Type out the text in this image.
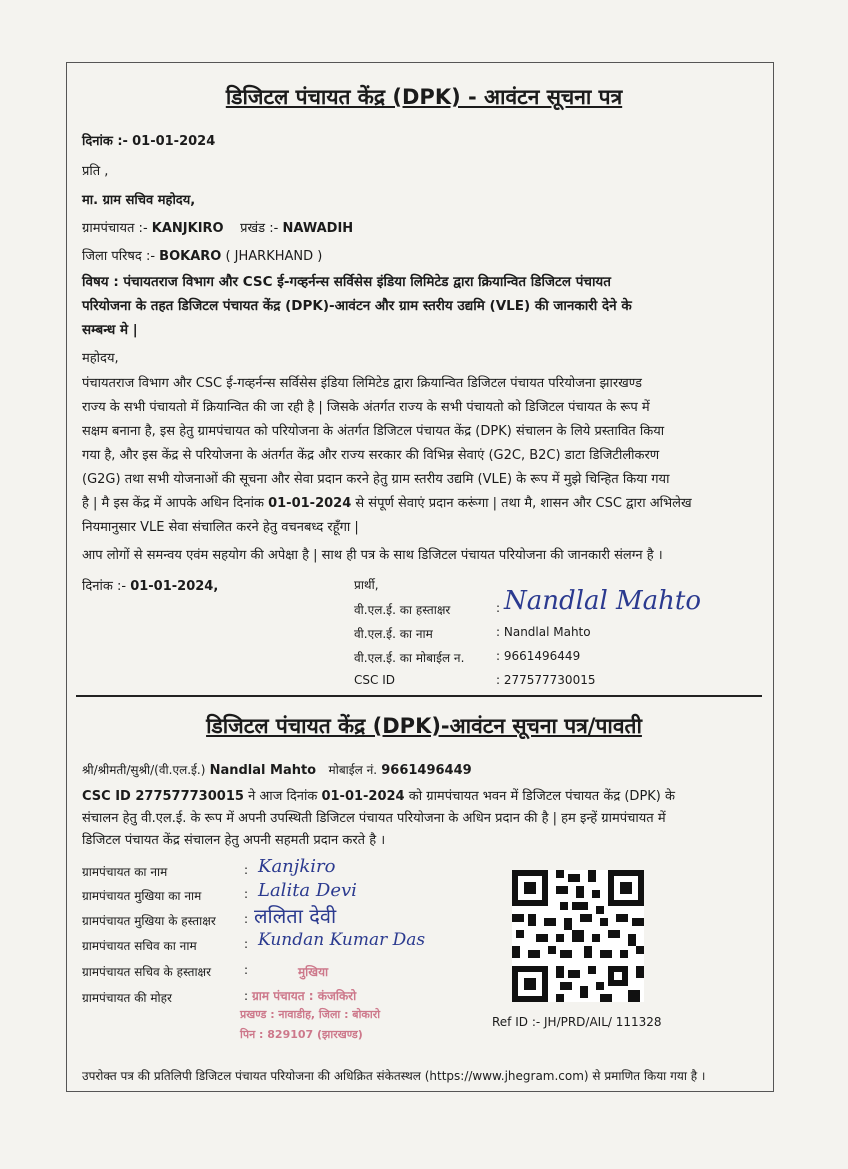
डिजिटल पंचायत केंद्र (DPK) - आवंटन सूचना पत्र
दिनांक :- 01-01-2024
प्रति ,
मा. ग्राम सचिव महोदय,
ग्रामपंचायत :- KANJKIRO प्रखंड :- NAWADIH
जिला परिषद :- BOKARO ( JHARKHAND )
विषय : पंचायतराज विभाग और CSC ई-गव्हर्नन्स सर्विसेस इंडिया लिमिटेड द्वारा क्रियान्वित डिजिटल पंचायत
परियोजना के तहत डिजिटल पंचायत केंद्र (DPK)-आवंटन और ग्राम स्तरीय उद्यमि (VLE) की जानकारी देने के
सम्बन्ध मे |
महोदय,
पंचायतराज विभाग और CSC ई-गव्हर्नन्स सर्विसेस इंडिया लिमिटेड द्वारा क्रियान्वित डिजिटल पंचायत परियोजना झारखण्ड
राज्य के सभी पंचायतो में क्रियान्वित की जा रही है | जिसके अंतर्गत राज्य के सभी पंचायतो को डिजिटल पंचायत के रूप में
सक्षम बनाना है, इस हेतु ग्रामपंचायत को परियोजना के अंतर्गत डिजिटल पंचायत केंद्र (DPK) संचालन के लिये प्रस्तावित किया
गया है, और इस केंद्र से परियोजना के अंतर्गत केंद्र और राज्य सरकार की विभिन्न सेवाएं (G2C, B2C) डाटा डिजिटीलीकरण
(G2G) तथा सभी योजनाओं की सूचना और सेवा प्रदान करने हेतु ग्राम स्तरीय उद्यमि (VLE) के रूप में मुझे चिन्हित किया गया
है | मै इस केंद्र में आपके अधिन दिनांक 01-01-2024 से संपूर्ण सेवाएं प्रदान करूंगा | तथा मै, शासन और CSC द्वारा अभिलेख
नियमानुसार VLE सेवा संचालित करने हेतु वचनबध्द रहूँगा |
आप लोगों से समन्वय एवंम सहयोग की अपेक्षा है | साथ ही पत्र के साथ डिजिटल पंचायत परियोजना की जानकारी संलग्न है ।
दिनांक :- 01-01-2024,	प्रार्थी,
वी.एल.ई. का हस्ताक्षर	: Nandlal Mahto
वी.एल.ई. का नाम	: Nandlal Mahto
वी.एल.ई. का मोबाईल न.	: 9661496449
CSC ID	: 277577730015
डिजिटल पंचायत केंद्र (DPK)-आवंटन सूचना पत्र/पावती
श्री/श्रीमती/सुश्री/(वी.एल.ई.) Nandlal Mahto मोबाईल नं. 9661496449
CSC ID 277577730015 ने आज दिनांक 01-01-2024 को ग्रामपंचायत भवन में डिजिटल पंचायत केंद्र (DPK) के
संचालन हेतु वी.एल.ई. के रूप में अपनी उपस्थिती डिजिटल पंचायत परियोजना के अधिन प्रदान की है | हम इन्हें ग्रामपंचायत में
डिजिटल पंचायत केंद्र संचालन हेतु अपनी सहमती प्रदान करते है ।
ग्रामपंचायत का नाम	: Kanjkiro
ग्रामपंचायत मुखिया का नाम	: Lalita Devi
ग्रामपंचायत मुखिया के हस्ताक्षर : ललिता देवी
ग्रामपंचायत सचिव का नाम	: Kundan Kumar Das
ग्रामपंचायत सचिव के हस्ताक्षर	:
ग्रामपंचायत की मोहर	:
मुखिया
ग्राम पंचायत : कंजकिरो
प्रखण्ड : नावाडीह, जिला : बोकारो
पिन : 829107 (झारखण्ड)
Ref ID :- JH/PRD/AIL/ 111328
उपरोक्त पत्र की प्रतिलिपी डिजिटल पंचायत परियोजना की अधिक्रित संकेतस्थल (https://www.jhegram.com) से प्रमाणित किया गया है ।
